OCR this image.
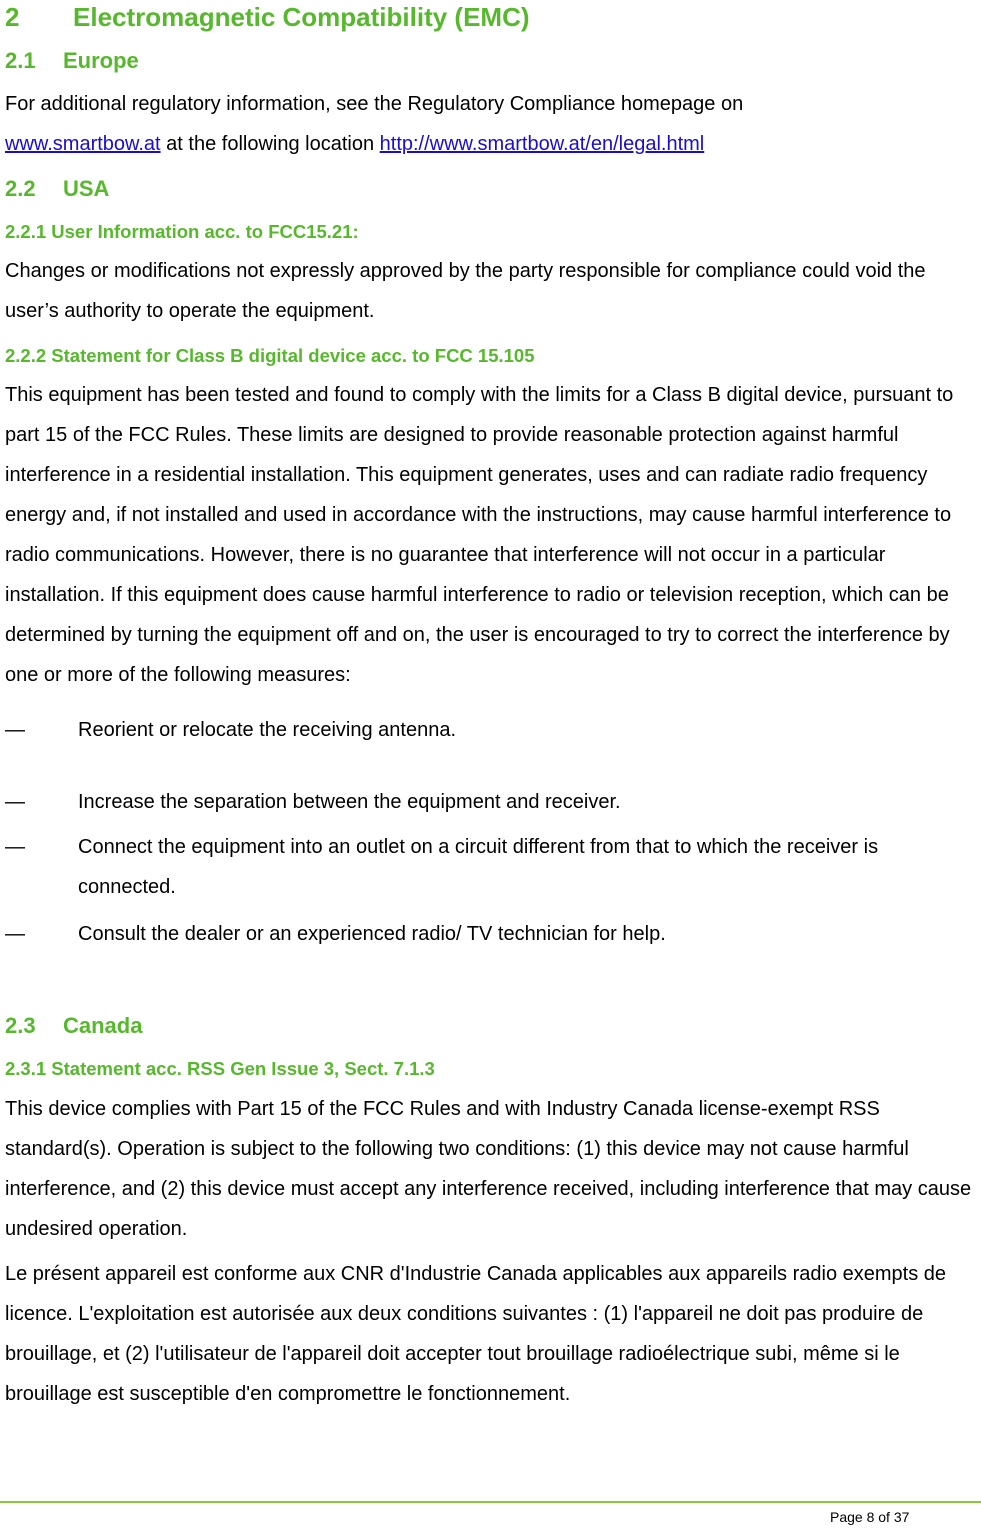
2 Electromagnetic Compatibility (EMC)
2.1 Europe

For additional regulatory information, see the Regulatory Compliance homepage on
www.smartbow.at at the following location http://www.smartbow.at/en/legal.html

2.2 USA
2.2.1 User Information acc. to FCC15.21:

Changes or modifications not expressly approved by the party responsible for compliance could void the user’s authority to operate the equipment.

2.2.2 Statement for Class B digital device acc. to FCC 15.105

This equipment has been tested and found to comply with the limits for a Class B digital device, pursuant to part 15 of the FCC Rules. These limits are designed to provide reasonable protection against harmful interference in a residential installation. This equipment generates, uses and can radiate radio frequency energy and, if not installed and used in accordance with the instructions, may cause harmful interference to radio communications. However, there is no guarantee that interference will not occur in a particular installation. If this equipment does cause harmful interference to radio or television reception, which can be determined by turning the equipment off and on, the user is encouraged to try to correct the interference by one or more of the following measures:

—	Reorient or relocate the receiving antenna.
—	Increase the separation between the equipment and receiver.
—	Connect the equipment into an outlet on a circuit different from that to which the receiver is connected.
—	Consult the dealer or an experienced radio/ TV technician for help.
2.3 Canada
2.3.1 Statement acc. RSS Gen Issue 3, Sect. 7.1.3

This device complies with Part 15 of the FCC Rules and with Industry Canada license-exempt RSS standard(s). Operation is subject to the following two conditions: (1) this device may not cause harmful interference, and (2) this device must accept any interference received, including interference that may cause undesired operation.

Le présent appareil est conforme aux CNR d'Industrie Canada applicables aux appareils radio exempts de licence. L'exploitation est autorisée aux deux conditions suivantes : (1) l'appareil ne doit pas produire de brouillage, et (2) l'utilisateur de l'appareil doit accepter tout brouillage radioélectrique subi, même si le brouillage est susceptible d'en compromettre le fonctionnement.

Page 8 of 37
